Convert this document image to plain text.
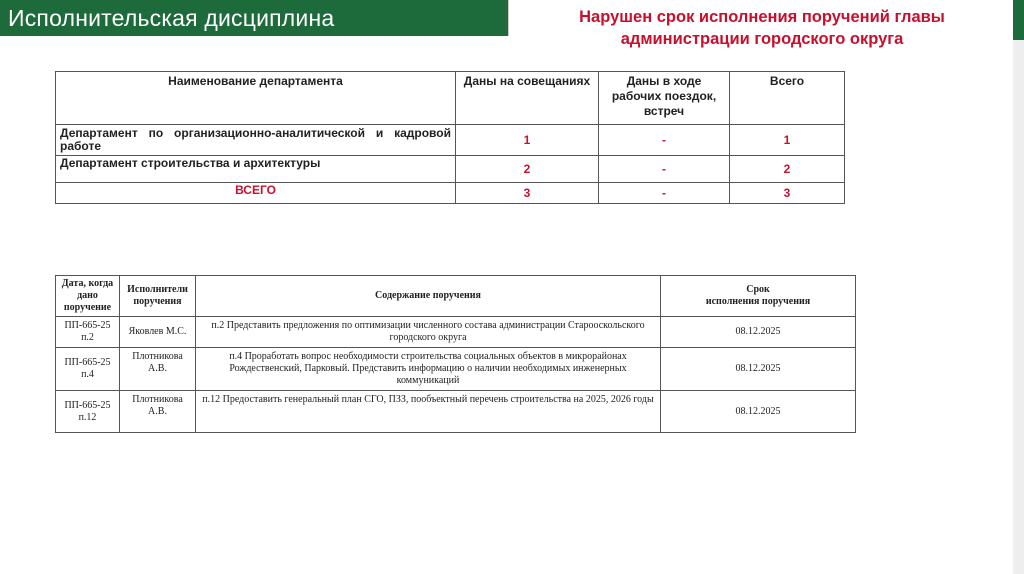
Исполнительская дисциплина	Нарушен срок исполнения поручений главы
администрации городского округа
Наименование департамента	Даны на совещаниях	Даны в ходе рабочих поездок, встреч	Всего
Департамент по организационно-аналитической и кадровой работе	1	-	1
Департамент строительства и архитектуры	2	-	2
ВСЕГО	3	-	3
Дата, когда дано поручение	Исполнители поручения	Содержание поручения	Срок
исполнения поручения

ПП-665-25 п.2	Яковлев М.С.	п.2 Представить предложения по оптимизации численного состава администрации Старооскольского городского округа	08.12.2025
ПП-665-25 п.4	Плотникова А.В.	п.4 Проработать вопрос необходимости строительства социальных объектов в микрорайонах Рождественский, Парковый. Представить информацию о наличии необходимых инженерных коммуникаций	08.12.2025
ПП-665-25 п.12	Плотникова А.В.	п.12 Предоставить генеральный план СГО, ПЗЗ, пообъектный перечень строительства на 2025, 2026 годы	08.12.2025
